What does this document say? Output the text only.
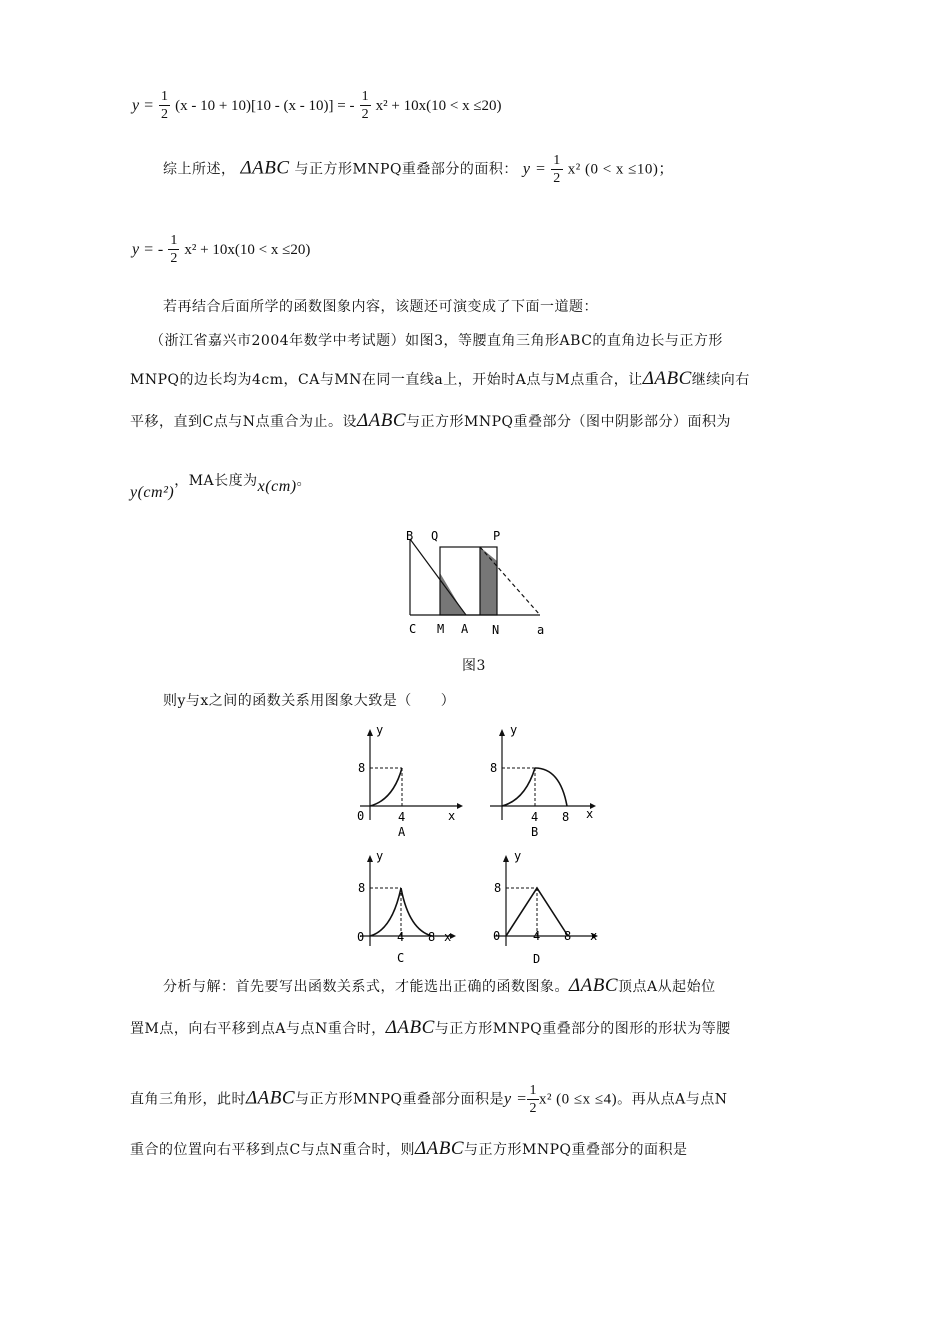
$y = \frac{1}{2} (x - 10 + 10)[10 - (x - 10)]$ = - $\frac{1}{2} x^2 + 10x(10 < x \le 20)$
综上所述， ΔABC 与正方形MNPQ重叠部分的面积： $y = \frac{1}{2} x^2$ (0 < x ≤10)；
y = - $\frac{1}{2} x^2 + 10x(10 < x \le 20)$
若再结合后面所学的函数图象内容，该题还可演变成了下面一道题：
（浙江省嘉兴市2004年数学中考试题）如图3，等腰直角三角形ABC的直角边长与正方形
MNPQ的边长均为4cm，CA与MN在同一直线a上，开始时A点与M点重合，让ΔABC继续向右
平移，直到C点与N点重合为止。设ΔABC与正方形MNPQ重叠部分（图中阴影部分）面积为
y(cm²)，MA长度为x(cm)。
B Q	P
C M A N	a
图3
则y与x之间的函数关系用图象大致是（　　）
y
x
0
8
4
A
y
x
8
4 8
B
y
x
0
8
4 8
C
y
x
0
8
4 8
D
分析与解：首先要写出函数关系式，才能选出正确的函数图象。ΔABC顶点A从起始位
置M点，向右平移到点A与点N重合时，ΔABC与正方形MNPQ重叠部分的图形的形状为等腰
直角三角形，此时ΔABC与正方形MNPQ重叠部分面积是$y = \frac{1}{2} x^2$ (0 ≤x ≤4)。再从点A与点N
重合的位置向右平移到点C与点N重合时，则ΔABC与正方形MNPQ重叠部分的面积是
